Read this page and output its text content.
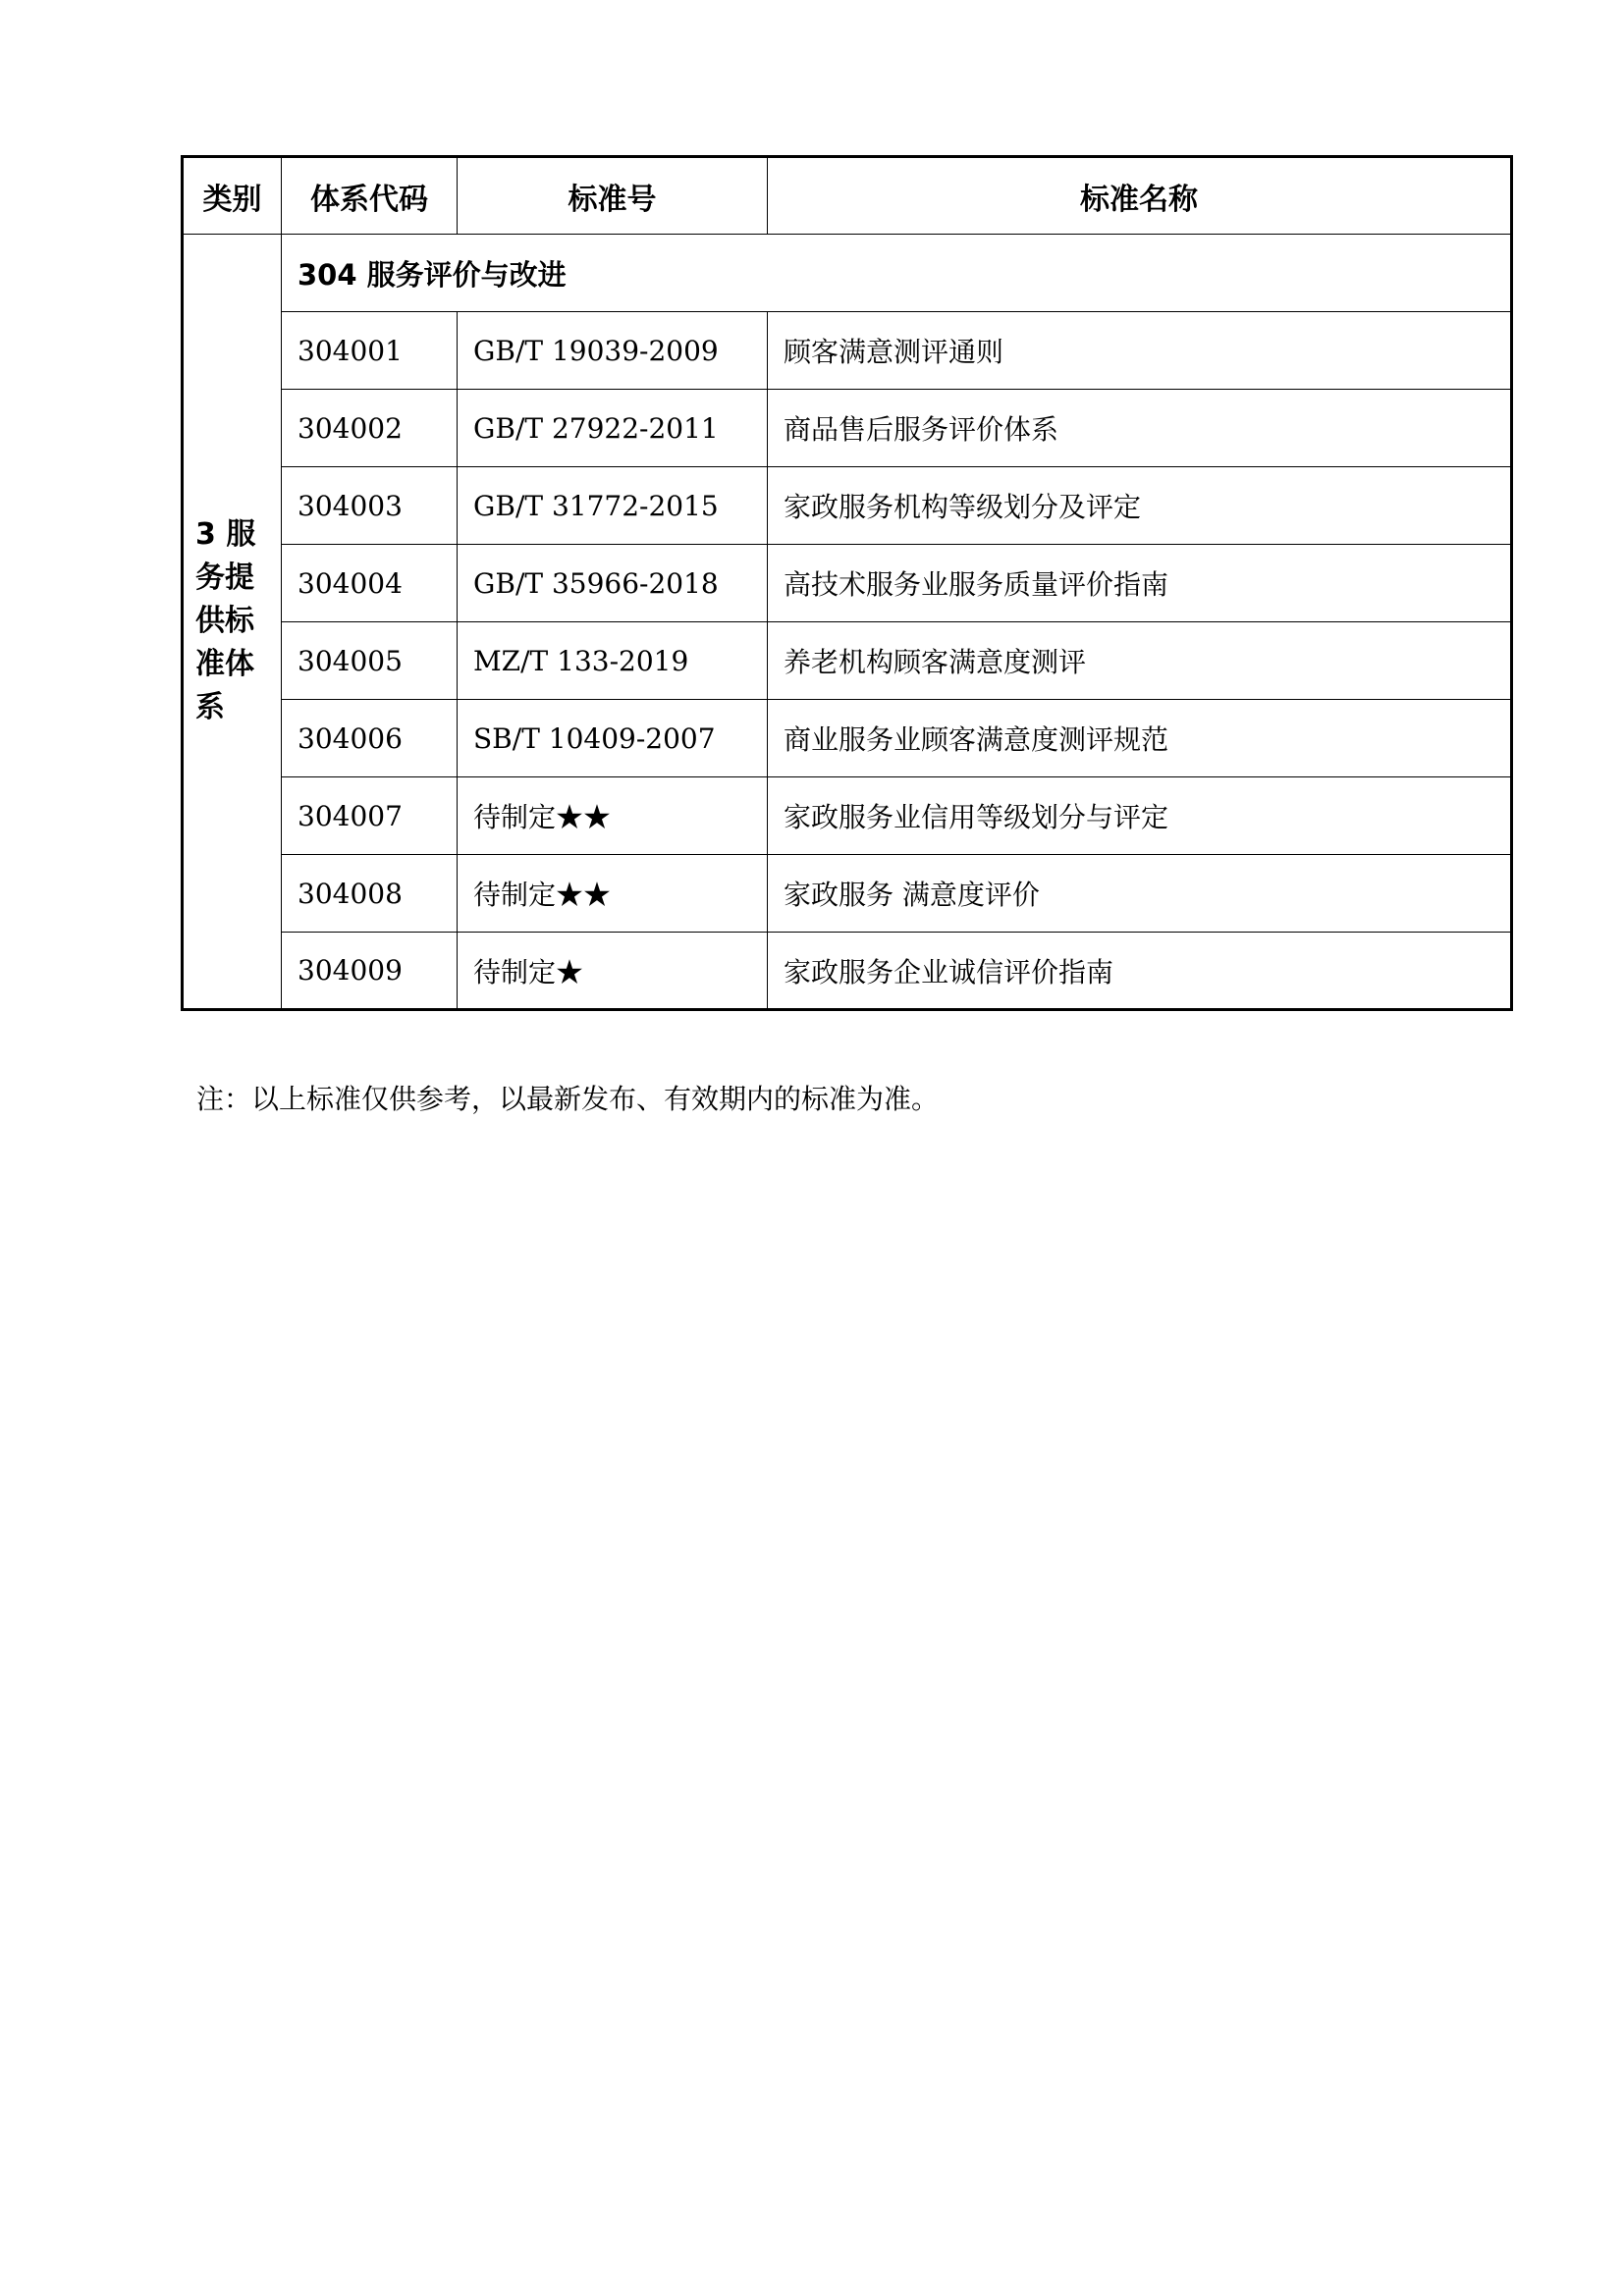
类别	体系代码	标准号	标准名称
3 服务提供标准体系	304 服务评价与改进		
	304001	GB/T 19039-2009	顾客满意测评通则
	304002	GB/T 27922-2011	商品售后服务评价体系
	304003	GB/T 31772-2015	家政服务机构等级划分及评定
	304004	GB/T 35966-2018	高技术服务业服务质量评价指南
	304005	MZ/T 133-2019	养老机构顾客满意度测评
	304006	SB/T 10409-2007	商业服务业顾客满意度测评规范
	304007	待制定★★	家政服务业信用等级划分与评定
	304008	待制定★★	家政服务 满意度评价
	304009	待制定★	家政服务企业诚信评价指南
注：以上标准仅供参考，以最新发布、有效期内的标准为准。
